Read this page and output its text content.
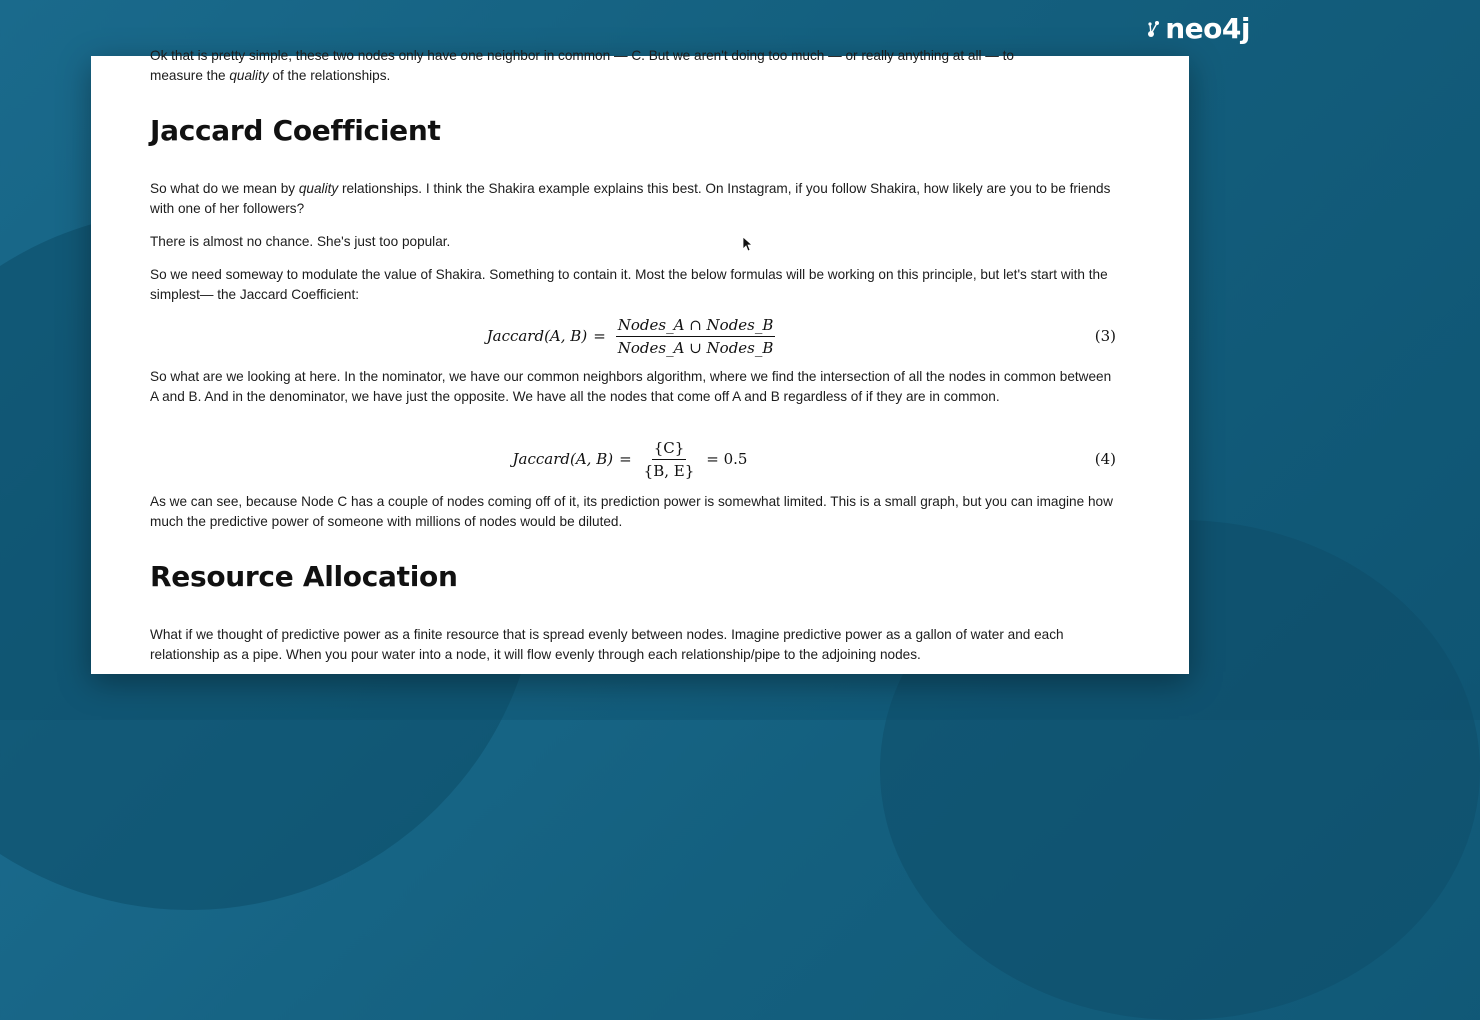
neo4j

Ok that is pretty simple, these two nodes only have one neighbor in common — C. But we aren't doing too much — or really anything at all — to
measure the quality of the relationships.

Jaccard Coefficient

So what do we mean by quality relationships. I think the Shakira example explains this best. On Instagram, if you follow Shakira, how likely are you to be friends with one of her followers?

There is almost no chance. She's just too popular.

So we need someway to modulate the value of Shakira. Something to contain it. Most the below formulas will be working on this principle, but let's start with the simplest— the Jaccard Coefficient:

Jaccard(A, $B) = \frac{\text{Nodes\_A ∩ Nodes\_B}}{\text{Nodes\_A ∪ Nodes\_B}}$	(3)

So what are we looking at here. In the nominator, we have our common neighbors algorithm, where we find the intersection of all the nodes in common between A and B. And in the denominator, we have just the opposite. We have all the nodes that come off A and B regardless of if they are in common.

Jaccard(A, $B) = \frac{\{C\}}{\{B, E\}} = 0.5$	(4)

As we can see, because Node C has a couple of nodes coming off of it, its prediction power is somewhat limited. This is a small graph, but you can imagine how much the predictive power of someone with millions of nodes would be diluted.

Resource Allocation

What if we thought of predictive power as a finite resource that is spread evenly between nodes. Imagine predictive power as a gallon of water and each relationship as a pipe. When you pour water into a node, it will flow evenly through each relationship/pipe to the adjoining nodes.
